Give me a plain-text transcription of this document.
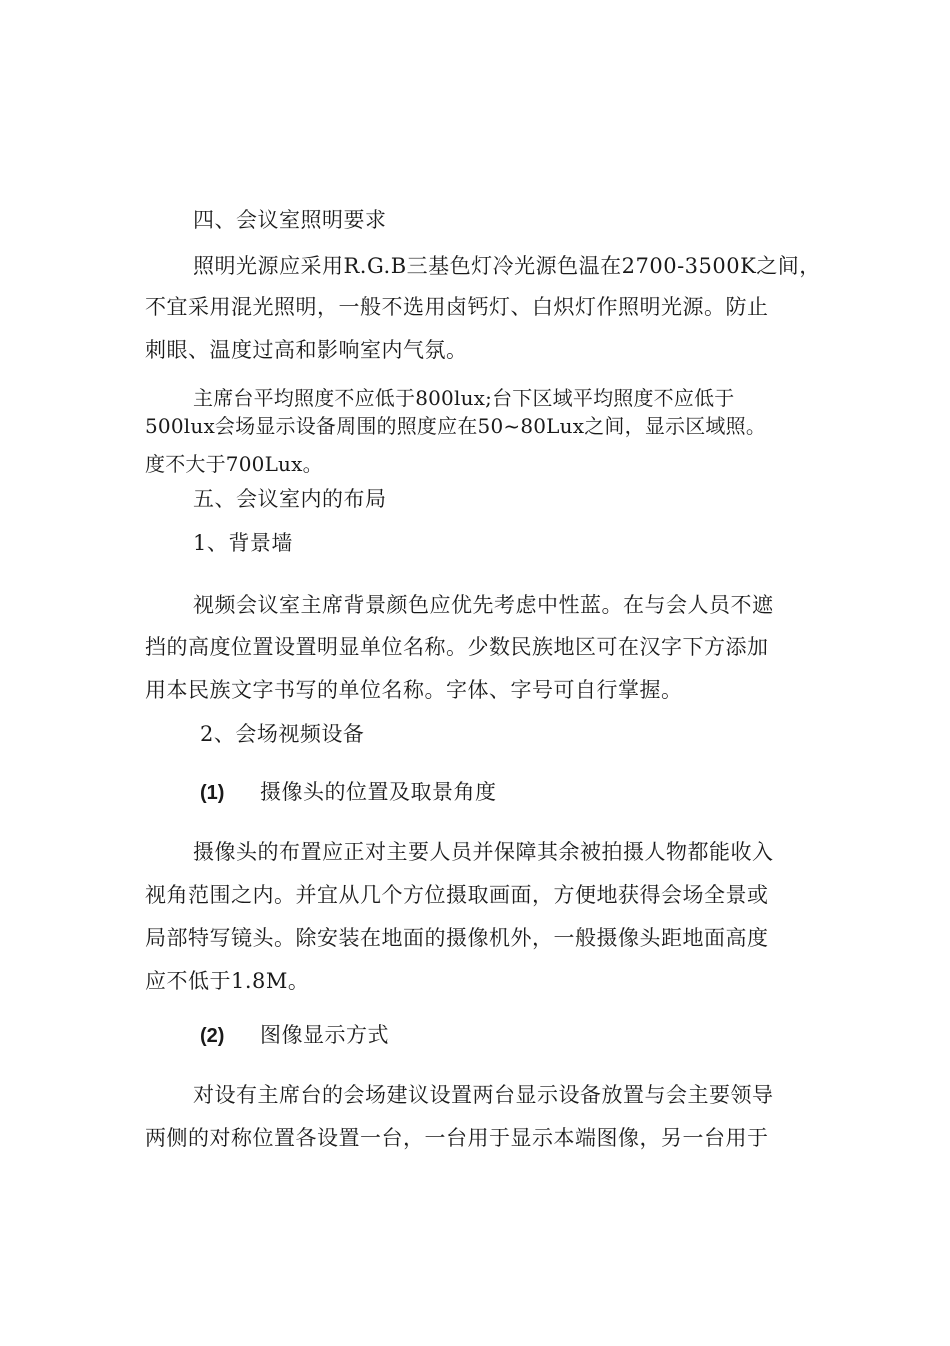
四、会议室照明要求
照明光源应采用R.G.B三基色灯冷光源色温在2700-3500K之间，
不宜采用混光照明，一般不选用卤钙灯、白炽灯作照明光源。防止
刺眼、温度过高和影响室内气氛。
主席台平均照度不应低于800lux;台下区域平均照度不应低于
500lux会场显示设备周围的照度应在50~80Lux之间，显示区域照。
度不大于700Lux。
五、会议室内的布局
1、背景墙
视频会议室主席背景颜色应优先考虑中性蓝。在与会人员不遮
挡的高度位置设置明显单位名称。少数民族地区可在汉字下方添加
用本民族文字书写的单位名称。字体、字号可自行掌握。
2、会场视频设备
(1) 摄像头的位置及取景角度
摄像头的布置应正对主要人员并保障其余被拍摄人物都能收入
视角范围之内。并宜从几个方位摄取画面，方便地获得会场全景或
局部特写镜头。除安装在地面的摄像机外，一般摄像头距地面高度
应不低于1.8M。
(2) 图像显示方式
对设有主席台的会场建议设置两台显示设备放置与会主要领导
两侧的对称位置各设置一台，一台用于显示本端图像，另一台用于
